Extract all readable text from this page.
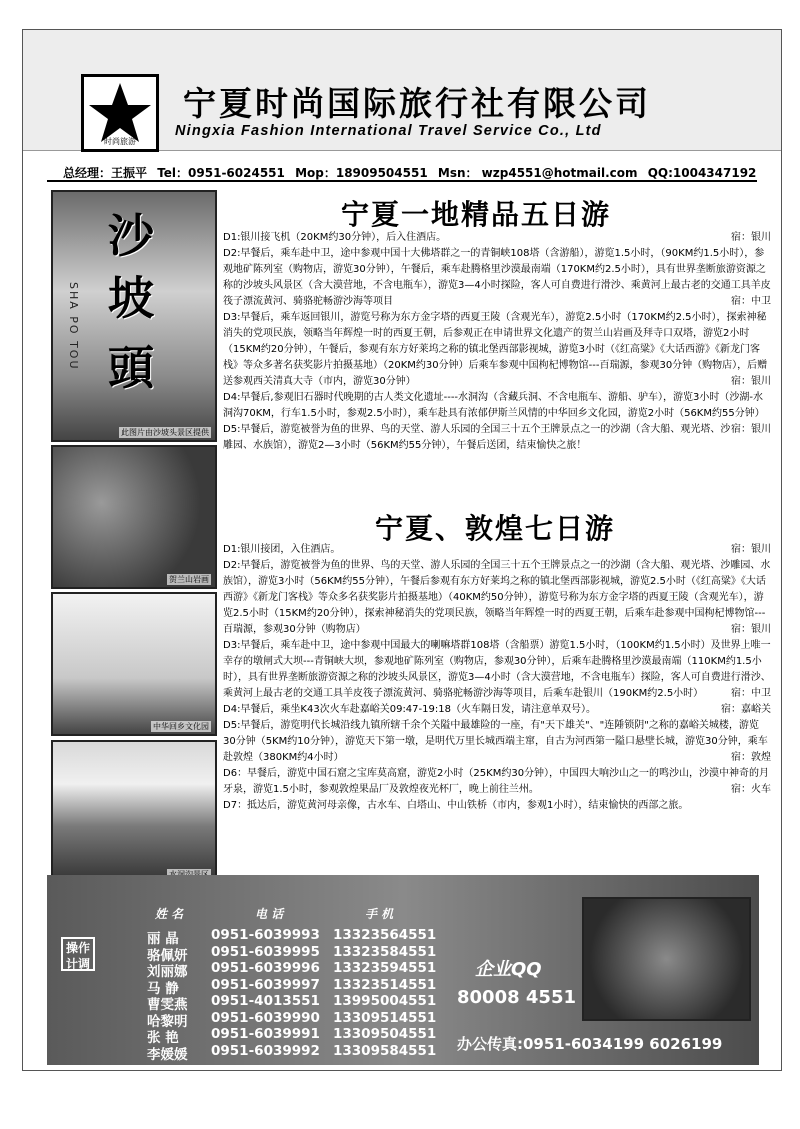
时尚旅游
宁夏时尚国际旅行社有限公司
Ningxia Fashion International Travel Service Co., Ltd
总经理：王振平 Tel：0951-6024551 Mop：18909504551 Msn： wzp4551@hotmail.com QQ:1004347192
沙
坡
頭
SHA PO TOU
此图片由沙坡头景区提供
贺兰山岩画
中华回乡文化园
宁夏一地精品五日游

D1:银川接飞机（20KM约30分钟），后入住酒店。	宿：银川

D2:早餐后，乘车赴中卫，途中参观中国十大佛塔群之一的青铜峡108塔（含游船），游览1.5小时，（90KM约1.5小时），参观地矿陈列室（购物店，游览30分钟），午餐后，乘车赴腾格里沙漠最南端（170KM约2.5小时），具有世界垄断旅游资源之称的沙坡头风景区（含大漠营地，不含电瓶车），游览3—4小时探险，客人可自费进行滑沙、乘黄河上最古老的交通工具羊皮筏子漂流黄河、骑骆驼畅游沙海等项目	宿：中卫

D3:早餐后，乘车返回银川，游览号称为东方金字塔的西夏王陵（含观光车），游览2.5小时（170KM约2.5小时），探索神秘消失的党项民族，领略当年辉煌一时的西夏王朝，后参观正在申请世界文化遗产的贺兰山岩画及拜寺口双塔，游览2小时（15KM约20分钟），午餐后，参观有东方好莱坞之称的镇北堡西部影视城，游览3小时（《红高粱》《大话西游》《新龙门客栈》等众多著名获奖影片拍摄基地）（20KM约30分钟）后乘车参观中国枸杞博物馆---百瑞源，参观30分钟（购物店），后赠送参观西关清真大寺（市内，游览30分钟）	宿：银川

D4:早餐后,参观旧石器时代晚期的古人类文化遗址----水洞沟（含藏兵洞、不含电瓶车、游船、驴车），游览3小时（沙湖-水洞沟70KM，行车1.5小时，参观2.5小时），乘车赴具有浓郁伊斯兰风情的中华回乡文化园，游览2小时（56KM约55分钟）
宿：银川

D5:早餐后，游览被誉为鱼的世界、鸟的天堂、游人乐园的全国三十五个王牌景点之一的沙湖（含大船、观光塔、沙雕园、水族馆），游览2—3小时（56KM约55分钟），午餐后送团，结束愉快之旅！

宁夏、敦煌七日游

D1:银川接团，入住酒店。	宿：银川

D2:早餐后，游览被誉为鱼的世界、鸟的天堂、游人乐园的全国三十五个王牌景点之一的沙湖（含大船、观光塔、沙雕园、水族馆），游览3小时（56KM约55分钟），午餐后参观有东方好莱坞之称的镇北堡西部影视城，游览2.5小时（《红高粱》《大话西游》《新龙门客栈》等众多名获奖影片拍摄基地）（40KM约50分钟），游览号称为东方金字塔的西夏王陵（含观光车），游览2.5小时（15KM约20分钟），探索神秘消失的党项民族，领略当年辉煌一时的西夏王朝，后乘车赴参观中国枸杞博物馆---百瑞源，参观30分钟（购物店）	宿：银川

D3:早餐后，乘车赴中卫，途中参观中国最大的喇嘛塔群108塔（含船票）游览1.5小时，（100KM约1.5小时）及世界上唯一幸存的墩闸式大坝---青铜峡大坝，参观地矿陈列室（购物店，参观30分钟），后乘车赴腾格里沙漠最南端（110KM约1.5小时），具有世界垄断旅游资源之称的沙坡头风景区，游览3—4小时（含大漠营地，不含电瓶车）探险，客人可自费进行滑沙、乘黄河上最古老的交通工具羊皮筏子漂流黄河、骑骆驼畅游沙海等项目，后乘车赴银川（190KM约2.5小时）	宿：中卫

D4:早餐后，乘坐K43次火车赴嘉峪关09:47-19:18（火车隔日发，请注意单双号）。	宿：嘉峪关

D5:早餐后，游览明代长城沿线九镇所辖千余个关隘中最雄险的一座，有"天下雄关"、"连陲锁阴"之称的嘉峪关城楼，游览30分钟（5KM约10分钟），游览天下第一墩，是明代万里长城西端主窜，自古为河西第一隘口悬壁长城，游览30分钟，乘车赴敦煌（380KM约4小时）	宿：敦煌

D6：早餐后，游览中国石窟之宝库莫高窟，游览2小时（25KM约30分钟），中国四大响沙山之一的鸣沙山，沙漠中神奇的月牙泉，游览1.5小时，参观敦煌果品厂及敦煌夜光杯厂，晚上前往兰州。	宿：火车

D7：抵达后，游览黄河母亲像，古水车、白塔山、中山铁桥（市内，参观1小时），结束愉快的西部之旅。

操作计调
姓 名	电 话	手 机
丽 晶	0951-6039993 13323564551
骆佩妍	0951-6039995 13323584551
刘丽娜	0951-6039996 13323594551
马 静	0951-6039997 13323514551
曹雯燕	0951-4013551 13995004551
哈黎明	0951-6039990 13309514551
张 艳	0951-6039991 13309504551
李媛媛	0951-6039992 13309584551
企业QQ
80008 4551
办公传真:0951-6034199 6026199
